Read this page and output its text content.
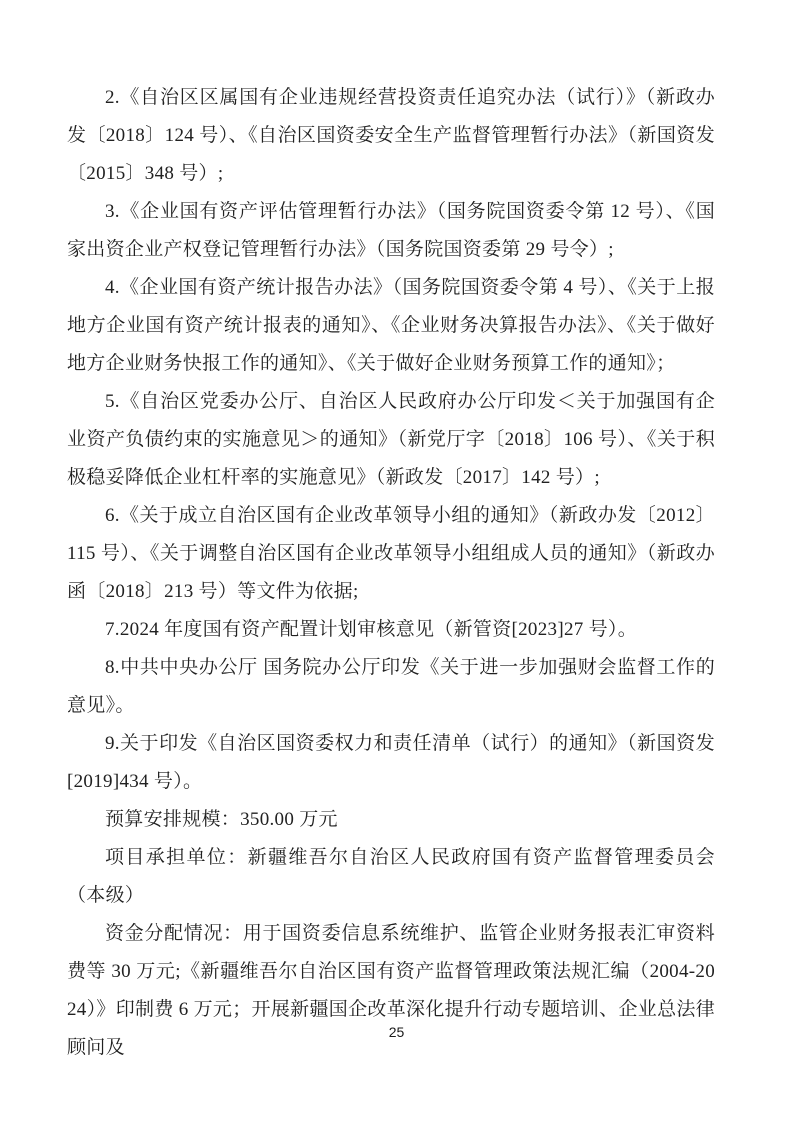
2.《自治区区属国有企业违规经营投资责任追究办法（试行）》（新政办发〔2018〕124 号）、《自治区国资委安全生产监督管理暂行办法》（新国资发〔2015〕348 号）;

3.《企业国有资产评估管理暂行办法》（国务院国资委令第 12 号）、《国家出资企业产权登记管理暂行办法》（国务院国资委第 29 号令）;

4.《企业国有资产统计报告办法》（国务院国资委令第 4 号）、《关于上报地方企业国有资产统计报表的通知》、《企业财务决算报告办法》、《关于做好地方企业财务快报工作的通知》、《关于做好企业财务预算工作的通知》；

5.《自治区党委办公厅、自治区人民政府办公厅印发＜关于加强国有企业资产负债约束的实施意见＞的通知》（新党厅字〔2018〕106 号）、《关于积极稳妥降低企业杠杆率的实施意见》（新政发〔2017〕142 号）;

6.《关于成立自治区国有企业改革领导小组的通知》（新政办发〔2012〕115 号）、《关于调整自治区国有企业改革领导小组组成人员的通知》（新政办函〔2018〕213 号）等文件为依据;

7.2024 年度国有资产配置计划审核意见（新管资[2023]27 号）。

8.中共中央办公厅 国务院办公厅印发《关于进一步加强财会监督工作的意见》。

9.关于印发《自治区国资委权力和责任清单（试行）的通知》（新国资发[2019]434 号）。

预算安排规模：350.00 万元

项目承担单位：新疆维吾尔自治区人民政府国有资产监督管理委员会（本级）

资金分配情况：用于国资委信息系统维护、监管企业财务报表汇审资料费等 30 万元;《新疆维吾尔自治区国有资产监督管理政策法规汇编（2004-2024）》印制费 6 万元；开展新疆国企改革深化提升行动专题培训、企业总法律顾问及

25
